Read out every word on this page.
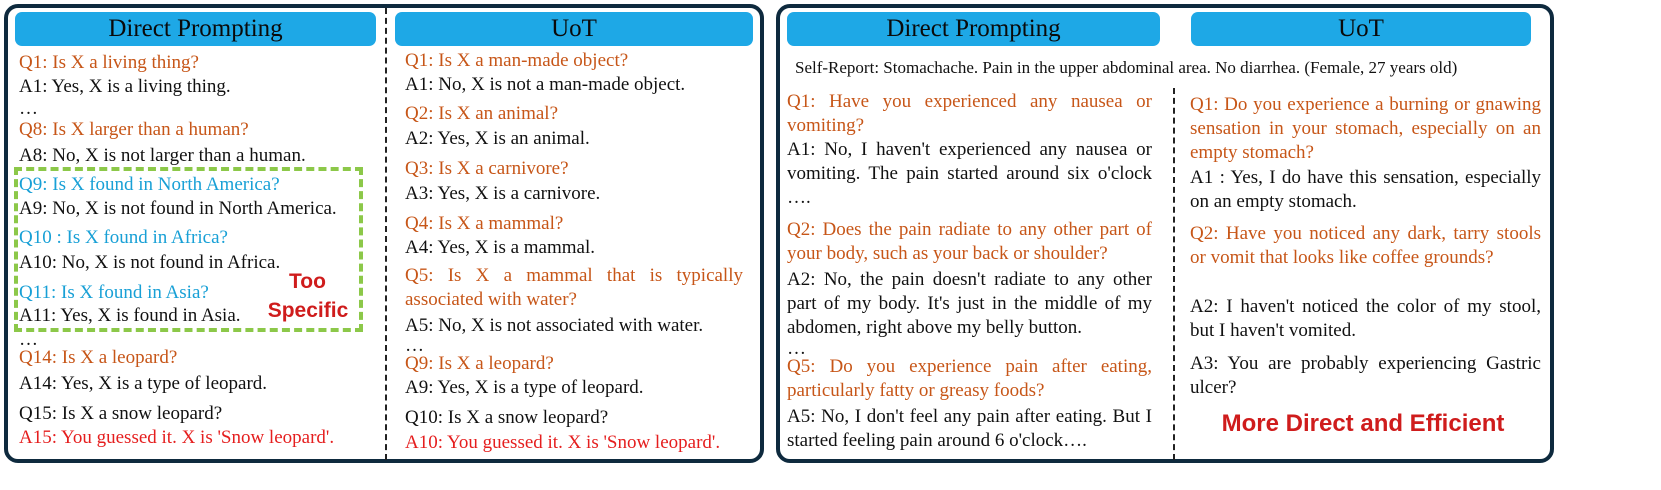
Direct Prompting	UoT
Q1: Is X a living thing?
A1: Yes, X is a living thing.
…
Q8: Is X larger than a human?
A8: No, X is not larger than a human.
Q9: Is X found in North America?
A9: No, X is not found in North America.
Q10 : Is X found in Africa?
A10: No, X is not found in Africa.
Q11: Is X found in Asia?
A11: Yes, X is found in Asia.
Too
Specific
…
Q14: Is X a leopard?
A14: Yes, X is a type of leopard.
Q15: Is X a snow leopard?
A15: You guessed it. X is 'Snow leopard'.
Q1: Is X a man-made object?
A1: No, X is not a man-made object.
Q2: Is X an animal?
A2: Yes, X is an animal.
Q3: Is X a carnivore?
A3: Yes, X is a carnivore.
Q4: Is X a mammal?
A4: Yes, X is a mammal.
Q5: Is X a mammal that is typically associated with water?
A5: No, X is not associated with water.
…
Q9: Is X a leopard?
A9: Yes, X is a type of leopard.
Q10: Is X a snow leopard?
A10: You guessed it. X is 'Snow leopard'.
Direct Prompting	UoT
Self-Report: Stomachache. Pain in the upper abdominal area. No diarrhea. (Female, 27 years old)
Q1: Have you experienced any nausea or vomiting?
A1: No, I haven't experienced any nausea or vomiting. The pain started around six o'clock ….
Q2: Does the pain radiate to any other part of your body, such as your back or shoulder?
A2: No, the pain doesn't radiate to any other part of my body. It's just in the middle of my abdomen, right above my belly button.
…
Q5: Do you experience pain after eating, particularly fatty or greasy foods?
A5: No, I don't feel any pain after eating. But I started feeling pain around 6 o'clock….
Q1: Do you experience a burning or gnawing sensation in your stomach, especially on an empty stomach?
A1 : Yes, I do have this sensation, especially on an empty stomach.
Q2: Have you noticed any dark, tarry stools or vomit that looks like coffee grounds?
A2: I haven't noticed the color of my stool, but I haven't vomited.
A3: You are probably experiencing Gastric ulcer?
More Direct and Efficient
